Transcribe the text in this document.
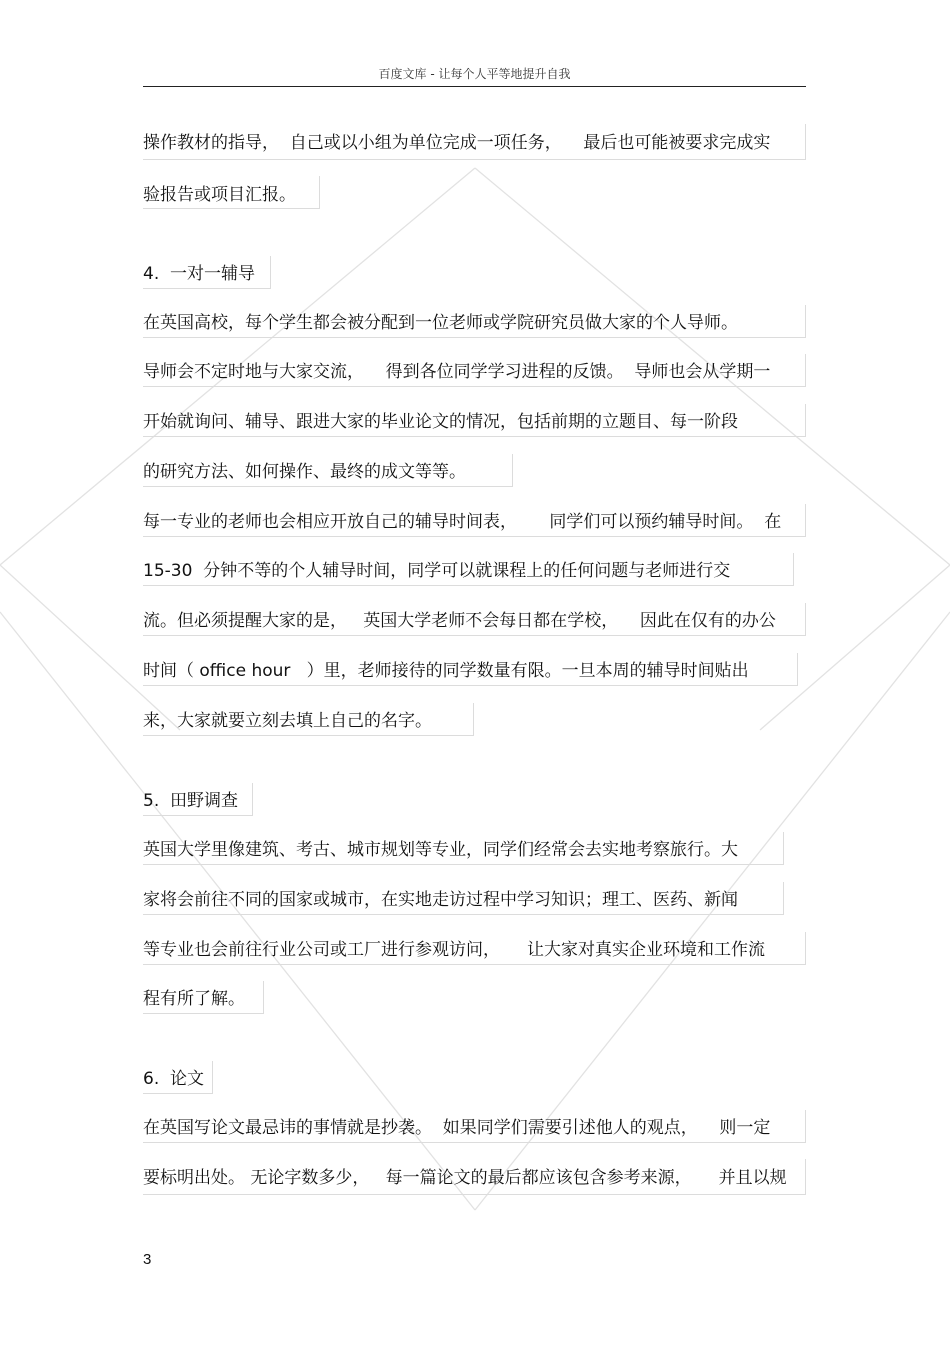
百度文库 - 让每个人平等地提升自我
操作教材的指导，  自己或以小组为单位完成一项任务，    最后也可能被要求完成实
验报告或项目汇报。
4.  一对一辅导
在英国高校，每个学生都会被分配到一位老师或学院研究员做大家的个人导师。
导师会不定时地与大家交流，    得到各位同学学习进程的反馈。  导师也会从学期一
开始就询问、辅导、跟进大家的毕业论文的情况，包括前期的立题目、每一阶段
的研究方法、如何操作、最终的成文等等。
每一专业的老师也会相应开放自己的辅导时间表，      同学们可以预约辅导时间。  在
15-30  分钟不等的个人辅导时间，同学可以就课程上的任何问题与老师进行交
流。但必须提醒大家的是，   英国大学老师不会每日都在学校，    因此在仅有的办公
时间（ office hour   ）里，老师接待的同学数量有限。一旦本周的辅导时间贴出
来，大家就要立刻去填上自己的名字。
5.  田野调查
英国大学里像建筑、考古、城市规划等专业，同学们经常会去实地考察旅行。大
家将会前往不同的国家或城市，在实地走访过程中学习知识；理工、医药、新闻
等专业也会前往行业公司或工厂进行参观访问，     让大家对真实企业环境和工作流
程有所了解。
6.  论文
在英国写论文最忌讳的事情就是抄袭。  如果同学们需要引述他人的观点，    则一定
要标明出处。 无论字数多少，   每一篇论文的最后都应该包含参考来源，     并且以规
3
